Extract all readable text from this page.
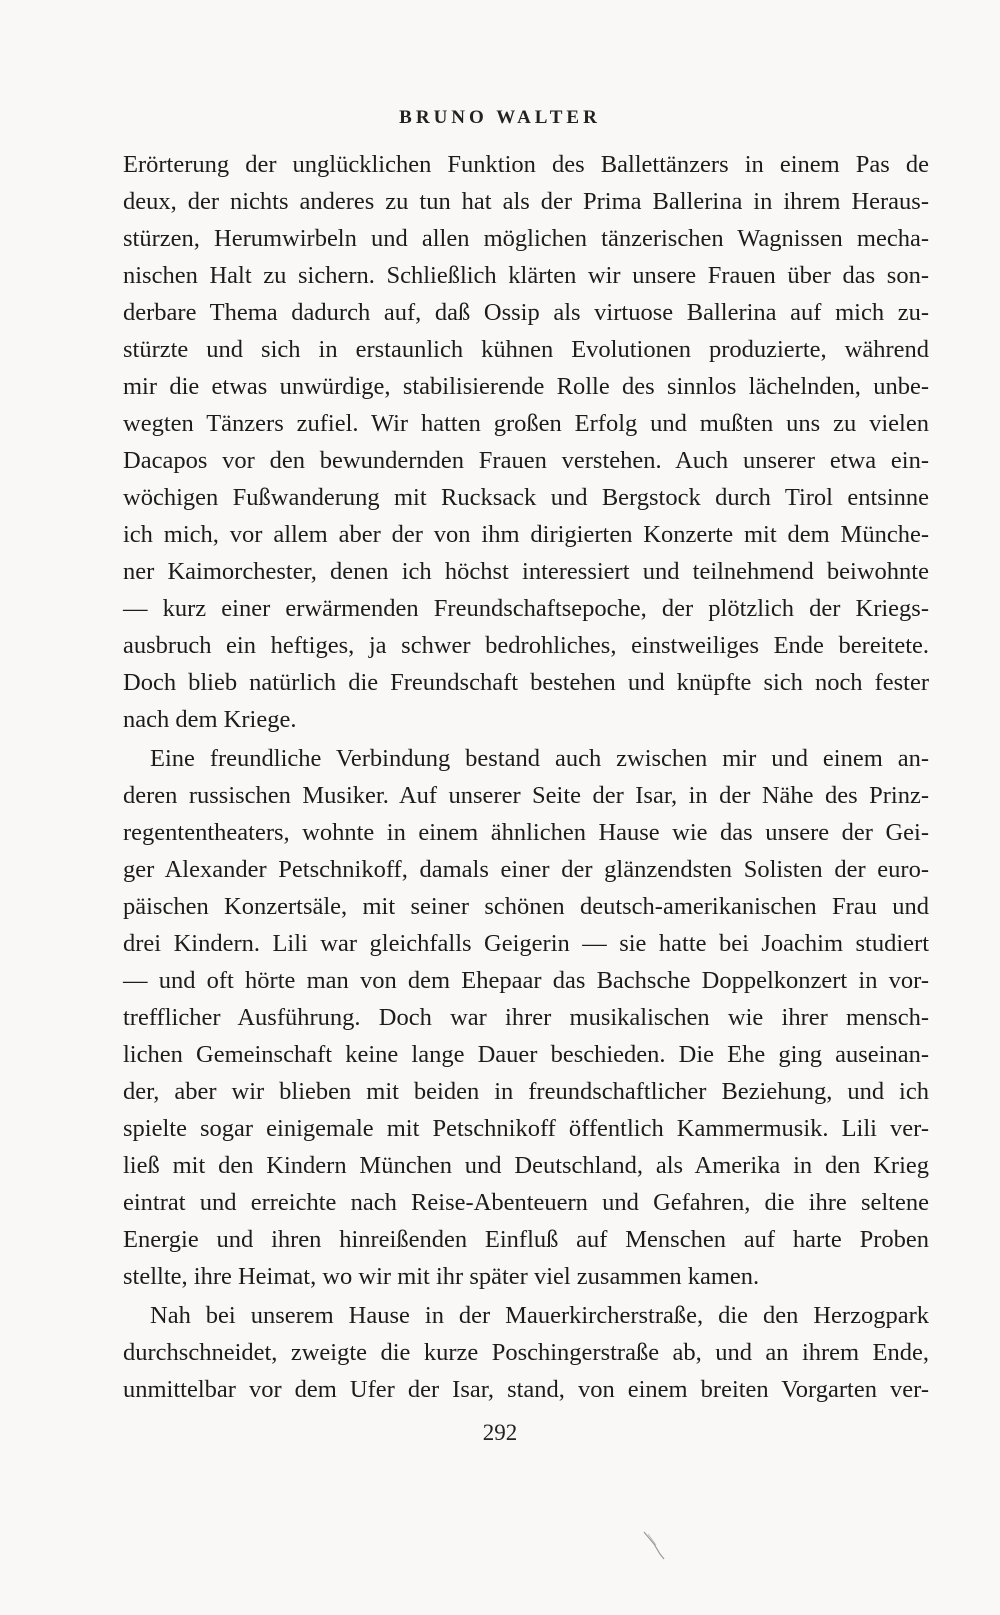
BRUNO WALTER
Erörterung der unglücklichen Funktion des Ballettänzers in einem Pas de
deux, der nichts anderes zu tun hat als der Prima Ballerina in ihrem Heraus-
stürzen, Herumwirbeln und allen möglichen tänzerischen Wagnissen mecha-
nischen Halt zu sichern. Schließlich klärten wir unsere Frauen über das son-
derbare Thema dadurch auf, daß Ossip als virtuose Ballerina auf mich zu-
stürzte und sich in erstaunlich kühnen Evolutionen produzierte, während
mir die etwas unwürdige, stabilisierende Rolle des sinnlos lächelnden, unbe-
wegten Tänzers zufiel. Wir hatten großen Erfolg und mußten uns zu vielen
Dacapos vor den bewundernden Frauen verstehen. Auch unserer etwa ein-
wöchigen Fußwanderung mit Rucksack und Bergstock durch Tirol entsinne
ich mich, vor allem aber der von ihm dirigierten Konzerte mit dem Münche-
ner Kaimorchester, denen ich höchst interessiert und teilnehmend beiwohnte
— kurz einer erwärmenden Freundschaftsepoche, der plötzlich der Kriegs-
ausbruch ein heftiges, ja schwer bedrohliches, einstweiliges Ende bereitete.
Doch blieb natürlich die Freundschaft bestehen und knüpfte sich noch fester
nach dem Kriege.
Eine freundliche Verbindung bestand auch zwischen mir und einem an-
deren russischen Musiker. Auf unserer Seite der Isar, in der Nähe des Prinz-
regententheaters, wohnte in einem ähnlichen Hause wie das unsere der Gei-
ger Alexander Petschnikoff, damals einer der glänzendsten Solisten der euro-
päischen Konzertsäle, mit seiner schönen deutsch-amerikanischen Frau und
drei Kindern. Lili war gleichfalls Geigerin — sie hatte bei Joachim studiert
— und oft hörte man von dem Ehepaar das Bachsche Doppelkonzert in vor-
trefflicher Ausführung. Doch war ihrer musikalischen wie ihrer mensch-
lichen Gemeinschaft keine lange Dauer beschieden. Die Ehe ging auseinan-
der, aber wir blieben mit beiden in freundschaftlicher Beziehung, und ich
spielte sogar einigemale mit Petschnikoff öffentlich Kammermusik. Lili ver-
ließ mit den Kindern München und Deutschland, als Amerika in den Krieg
eintrat und erreichte nach Reise-Abenteuern und Gefahren, die ihre seltene
Energie und ihren hinreißenden Einfluß auf Menschen auf harte Proben
stellte, ihre Heimat, wo wir mit ihr später viel zusammen kamen.
Nah bei unserem Hause in der Mauerkircherstraße, die den Herzogpark
durchschneidet, zweigte die kurze Poschingerstraße ab, und an ihrem Ende,
unmittelbar vor dem Ufer der Isar, stand, von einem breiten Vorgarten ver-
292
